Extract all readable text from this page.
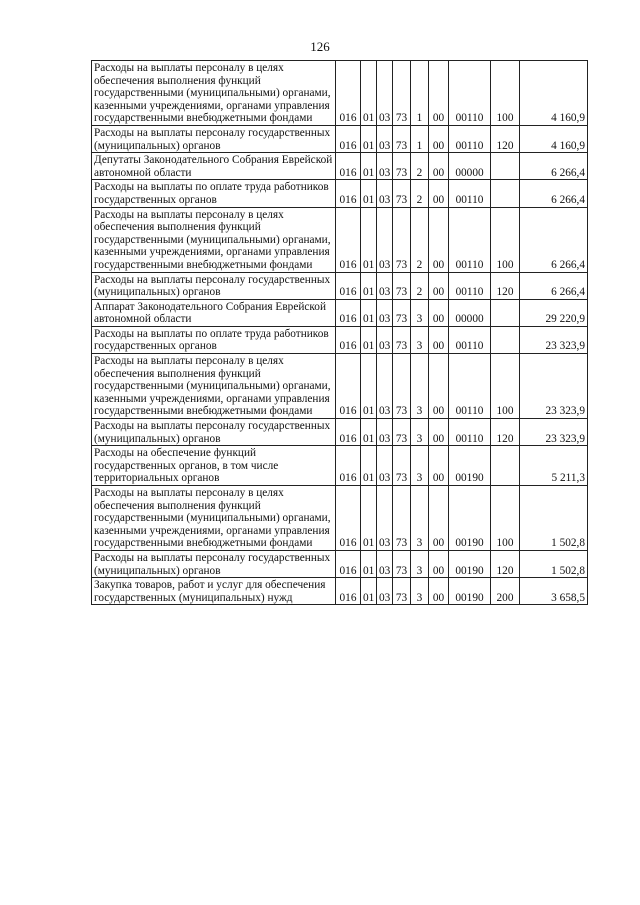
126
Расходы на выплаты персоналу в целях обеспечения выполнения функций государственными (муниципальными) органами, казенными учреждениями, органами управления государственными внебюджетными фондами	016	01	03	73	1	00	00110	100	4 160,9
Расходы на выплаты персоналу государственных (муниципальных) органов	016	01	03	73	1	00	00110	120	4 160,9
Депутаты Законодательного Собрания Еврейской автономной области	016	01	03	73	2	00	00000		6 266,4
Расходы на выплаты по оплате труда работников государственных органов	016	01	03	73	2	00	00110		6 266,4
Расходы на выплаты персоналу в целях обеспечения выполнения функций государственными (муниципальными) органами, казенными учреждениями, органами управления государственными внебюджетными фондами	016	01	03	73	2	00	00110	100	6 266,4
Расходы на выплаты персоналу государственных (муниципальных) органов	016	01	03	73	2	00	00110	120	6 266,4
Аппарат Законодательного Собрания Еврейской автономной области	016	01	03	73	3	00	00000		29 220,9
Расходы на выплаты по оплате труда работников государственных органов	016	01	03	73	3	00	00110		23 323,9
Расходы на выплаты персоналу в целях обеспечения выполнения функций государственными (муниципальными) органами, казенными учреждениями, органами управления государственными внебюджетными фондами	016	01	03	73	3	00	00110	100	23 323,9
Расходы на выплаты персоналу государственных (муниципальных) органов	016	01	03	73	3	00	00110	120	23 323,9
Расходы на обеспечение функций государственных органов, в том числе территориальных органов	016	01	03	73	3	00	00190		5 211,3
Расходы на выплаты персоналу в целях обеспечения выполнения функций государственными (муниципальными) органами, казенными учреждениями, органами управления государственными внебюджетными фондами	016	01	03	73	3	00	00190	100	1 502,8
Расходы на выплаты персоналу государственных (муниципальных) органов	016	01	03	73	3	00	00190	120	1 502,8
Закупка товаров, работ и услуг для обеспечения государственных (муниципальных) нужд	016	01	03	73	3	00	00190	200	3 658,5
